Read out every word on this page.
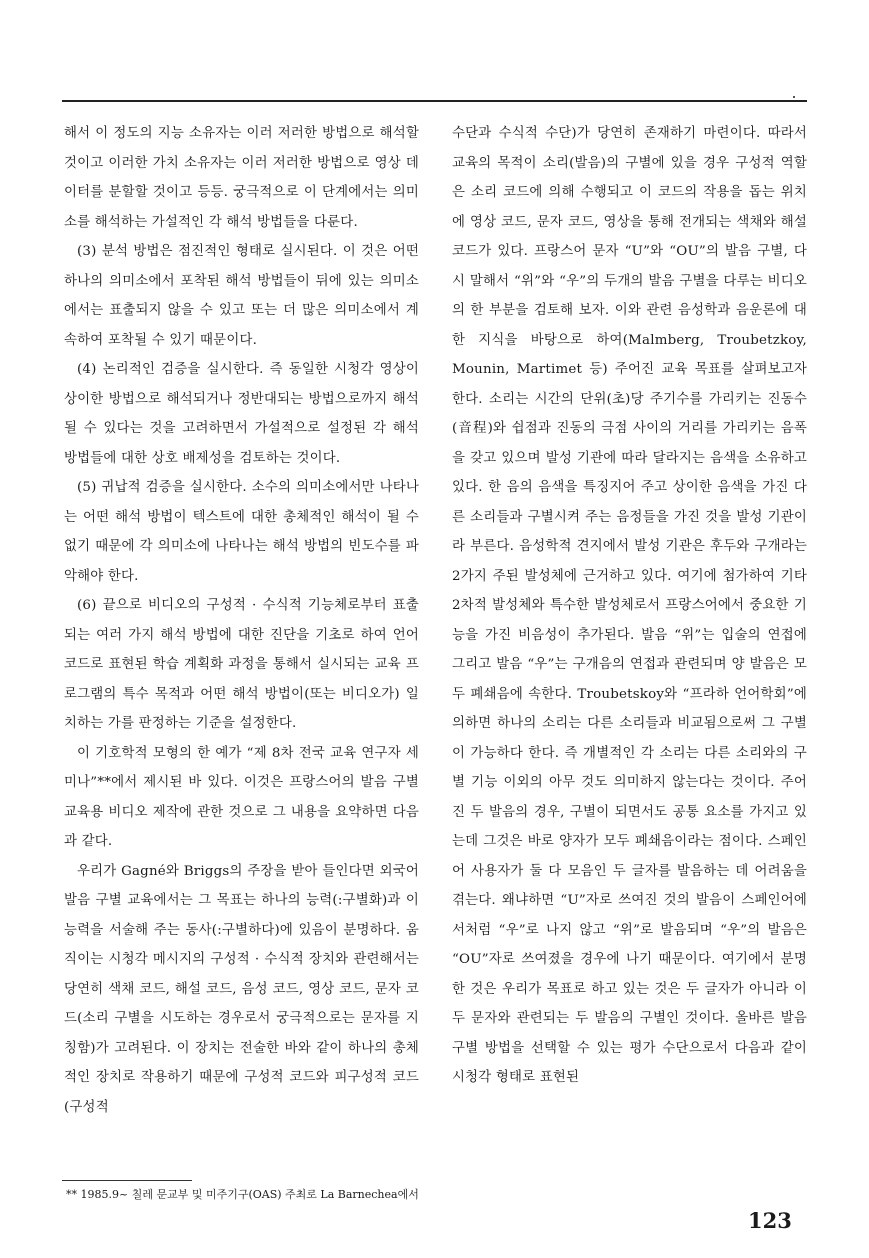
해서 이 정도의 지능 소유자는 이러 저러한 방법으로 해석할 것이고 이러한 가치 소유자는 이러 저러한 방법으로 영상 데이터를 분할할 것이고 등등. 궁극적으로 이 단계에서는 의미소를 해석하는 가설적인 각 해석 방법들을 다룬다.

(3) 분석 방법은 점진적인 형태로 실시된다. 이 것은 어떤 하나의 의미소에서 포착된 해석 방법들이 뒤에 있는 의미소에서는 표출되지 않을 수 있고 또는 더 많은 의미소에서 계속하여 포착될 수 있기 때문이다.

(4) 논리적인 검증을 실시한다. 즉 동일한 시청각 영상이 상이한 방법으로 해석되거나 정반대되는 방법으로까지 해석될 수 있다는 것을 고려하면서 가설적으로 설정된 각 해석 방법들에 대한 상호 배제성을 검토하는 것이다.

(5) 귀납적 검증을 실시한다. 소수의 의미소에서만 나타나는 어떤 해석 방법이 텍스트에 대한 총체적인 해석이 될 수 없기 때문에 각 의미소에 나타나는 해석 방법의 빈도수를 파악해야 한다.

(6) 끝으로 비디오의 구성적 · 수식적 기능체로부터 표출되는 여러 가지 해석 방법에 대한 진단을 기초로 하여 언어 코드로 표현된 학습 계획화 과정을 통해서 실시되는 교육 프로그램의 특수 목적과 어떤 해석 방법이(또는 비디오가) 일치하는 가를 판정하는 기준을 설정한다.

이 기호학적 모형의 한 예가 “제 8차 전국 교육 연구자 세미나”**에서 제시된 바 있다. 이것은 프랑스어의 발음 구별 교육용 비디오 제작에 관한 것으로 그 내용을 요약하면 다음과 같다.

우리가 Gagné와 Briggs의 주장을 받아 들인다면 외국어 발음 구별 교육에서는 그 목표는 하나의 능력(:구별화)과 이 능력을 서술해 주는 동사(:구별하다)에 있음이 분명하다. 움직이는 시청각 메시지의 구성적 · 수식적 장치와 관련해서는 당연히 색채 코드, 해설 코드, 음성 코드, 영상 코드, 문자 코드(소리 구별을 시도하는 경우로서 궁극적으로는 문자를 지칭함)가 고려된다. 이 장치는 전술한 바와 같이 하나의 총체적인 장치로 작용하기 때문에 구성적 코드와 피구성적 코드(구성적

수단과 수식적 수단)가 당연히 존재하기 마련이다. 따라서 교육의 목적이 소리(발음)의 구별에 있을 경우 구성적 역할은 소리 코드에 의해 수행되고 이 코드의 작용을 돕는 위치에 영상 코드, 문자 코드, 영상을 통해 전개되는 색채와 해설 코드가 있다. 프랑스어 문자 “U”와 “OU”의 발음 구별, 다시 말해서 “위”와 “우”의 두개의 발음 구별을 다루는 비디오의 한 부분을 검토해 보자. 이와 관련 음성학과 음운론에 대한 지식을 바탕으로 하여(Malmberg, Troubetzkoy, Mounin, Martimet 등) 주어진 교육 목표를 살펴보고자 한다. 소리는 시간의 단위(초)당 주기수를 가리키는 진동수(音程)와 쉽점과 진동의 극점 사이의 거리를 가리키는 음폭을 갖고 있으며 발성 기관에 따라 달라지는 음색을 소유하고 있다. 한 음의 음색을 특징지어 주고 상이한 음색을 가진 다른 소리들과 구별시켜 주는 음정들을 가진 것을 발성 기관이라 부른다. 음성학적 견지에서 발성 기관은 후두와 구개라는 2가지 주된 발성체에 근거하고 있다. 여기에 첨가하여 기타 2차적 발성체와 특수한 발성체로서 프랑스어에서 중요한 기능을 가진 비음성이 추가된다. 발음 “위”는 입술의 연접에 그리고 발음 “우”는 구개음의 연접과 관련되며 양 발음은 모두 폐쇄음에 속한다. Troubetskoy와 “프라하 언어학회”에 의하면 하나의 소리는 다른 소리들과 비교됨으로써 그 구별이 가능하다 한다. 즉 개별적인 각 소리는 다른 소리와의 구별 기능 이외의 아무 것도 의미하지 않는다는 것이다. 주어진 두 발음의 경우, 구별이 되면서도 공통 요소를 가지고 있는데 그것은 바로 양자가 모두 폐쇄음이라는 점이다. 스페인어 사용자가 둘 다 모음인 두 글자를 발음하는 데 어려움을 겪는다. 왜냐하면 “U”자로 쓰여진 것의 발음이 스페인어에서처럼 “우”로 나지 않고 “위”로 발음되며 “우”의 발음은 “OU”자로 쓰여졌을 경우에 나기 때문이다. 여기에서 분명한 것은 우리가 목표로 하고 있는 것은 두 글자가 아니라 이 두 문자와 관련되는 두 발음의 구별인 것이다. 올바른 발음 구별 방법을 선택할 수 있는 평가 수단으로서 다음과 같이 시청각 형태로 표현된

** 1985.9~ 칠레 문교부 및 미주기구(OAS) 주최로 La Barnechea에서
123
